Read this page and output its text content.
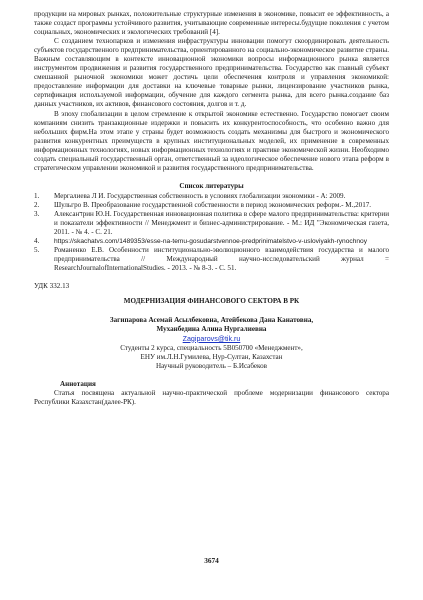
продукции на мировых рынках, положительные структурные изменения в экономике, повысит ее эффективность, а также создаст программы устойчивого развития, учитывающие современные интересы.будущие поколения с учетом социальных, экономических и экологических требований [4].

С созданием технопарков и изменения инфраструктуры инновации помогут скоординировать деятельность субъектов государственного предпринимательства, ориентированного на социально-экономическое развитие страны. Важным составляющим в контексте инновационной экономики вопросы информационного рынка является инструментом продвижения и развития государственного предпринимательства. Государство как главный субъект смешанной рыночной экономики может достичь цели обеспечения контроля и управления экономикой: предоставление информации для доставки на ключевые товарные рынки, лицензирование участников рынка, сертификация используемой информации, обучение для каждого сегмента рынка, для всего рынка.создание баз данных участников, их активов, финансового состояния, долгов и т. д.

В эпоху глобализации в целом стремление к открытой экономике естественно. Государство помогает своим компаниям снизить транзакционные издержки и повысить их конкурентоспособность, что особенно важно для небольших фирм.На этом этапе у страны будет возможность создать механизмы для быстрого и экономического развития конкурентных преимуществ в крупных институциональных моделей, их применение в современных информационных технологиях, новых информационных технологиях и практике экономической жизни. Необходимо создать специальный государственный орган, ответственный за идеологическое обеспечение нового этапа реформ в стратегическом управлении экономикой и развития государственного предпринимательства.

Список литературы

1.	Мергалиева Л И. Государственная собственность в условиях глобализации экономики - А: 2009.
2.	Шульгро В. Преобразование государственной собственности в период экономических реформ.- М.,2017.
3.	Алексанדрин Ю.Н. Государственная инновационная политика в сфере малого предпринимательства: критерии и показатели эффективности // Менеджмент и бизнес-администрирование. - М.: ИД "Экономическая газета, 2011. - № 4. - С. 21.
4.	https://skachatvs.com/1489353/esse-na-temu-gosudarstvennoe-predprinimatelstvo-v-usloviyakh-rynochnoy
5.	Романенко Е.В. Особенности институционально-эволюционного взаимодействия государства и малого предпринимательства // Международный научно-исследовательский журнал = ResearchJournalofInternationalStudies. - 2013. - № 8-3. - С. 51.

УДК 332.13

МОДЕРНИЗАЦИЯ ФИНАНСОВОГО СЕКТОРА В РК

Загипарова Асемай Асылбековна, Атейбекова Дана Канатовна,

Муханбедина Алина Нургалиевна

Zagiparovs@tik.ru

Студенты 2 курса, специальность 5В050700 «Менеджмент»,

ЕНУ им.Л.Н.Гумилева, Нур-Султан, Казахстан

Научный руководитель – Б.Исабеков

Аннотация

Статья посвящена актуальной научно-практической проблеме модернизации финансового сектора Республики Казахстан(далее-РК).

3674
